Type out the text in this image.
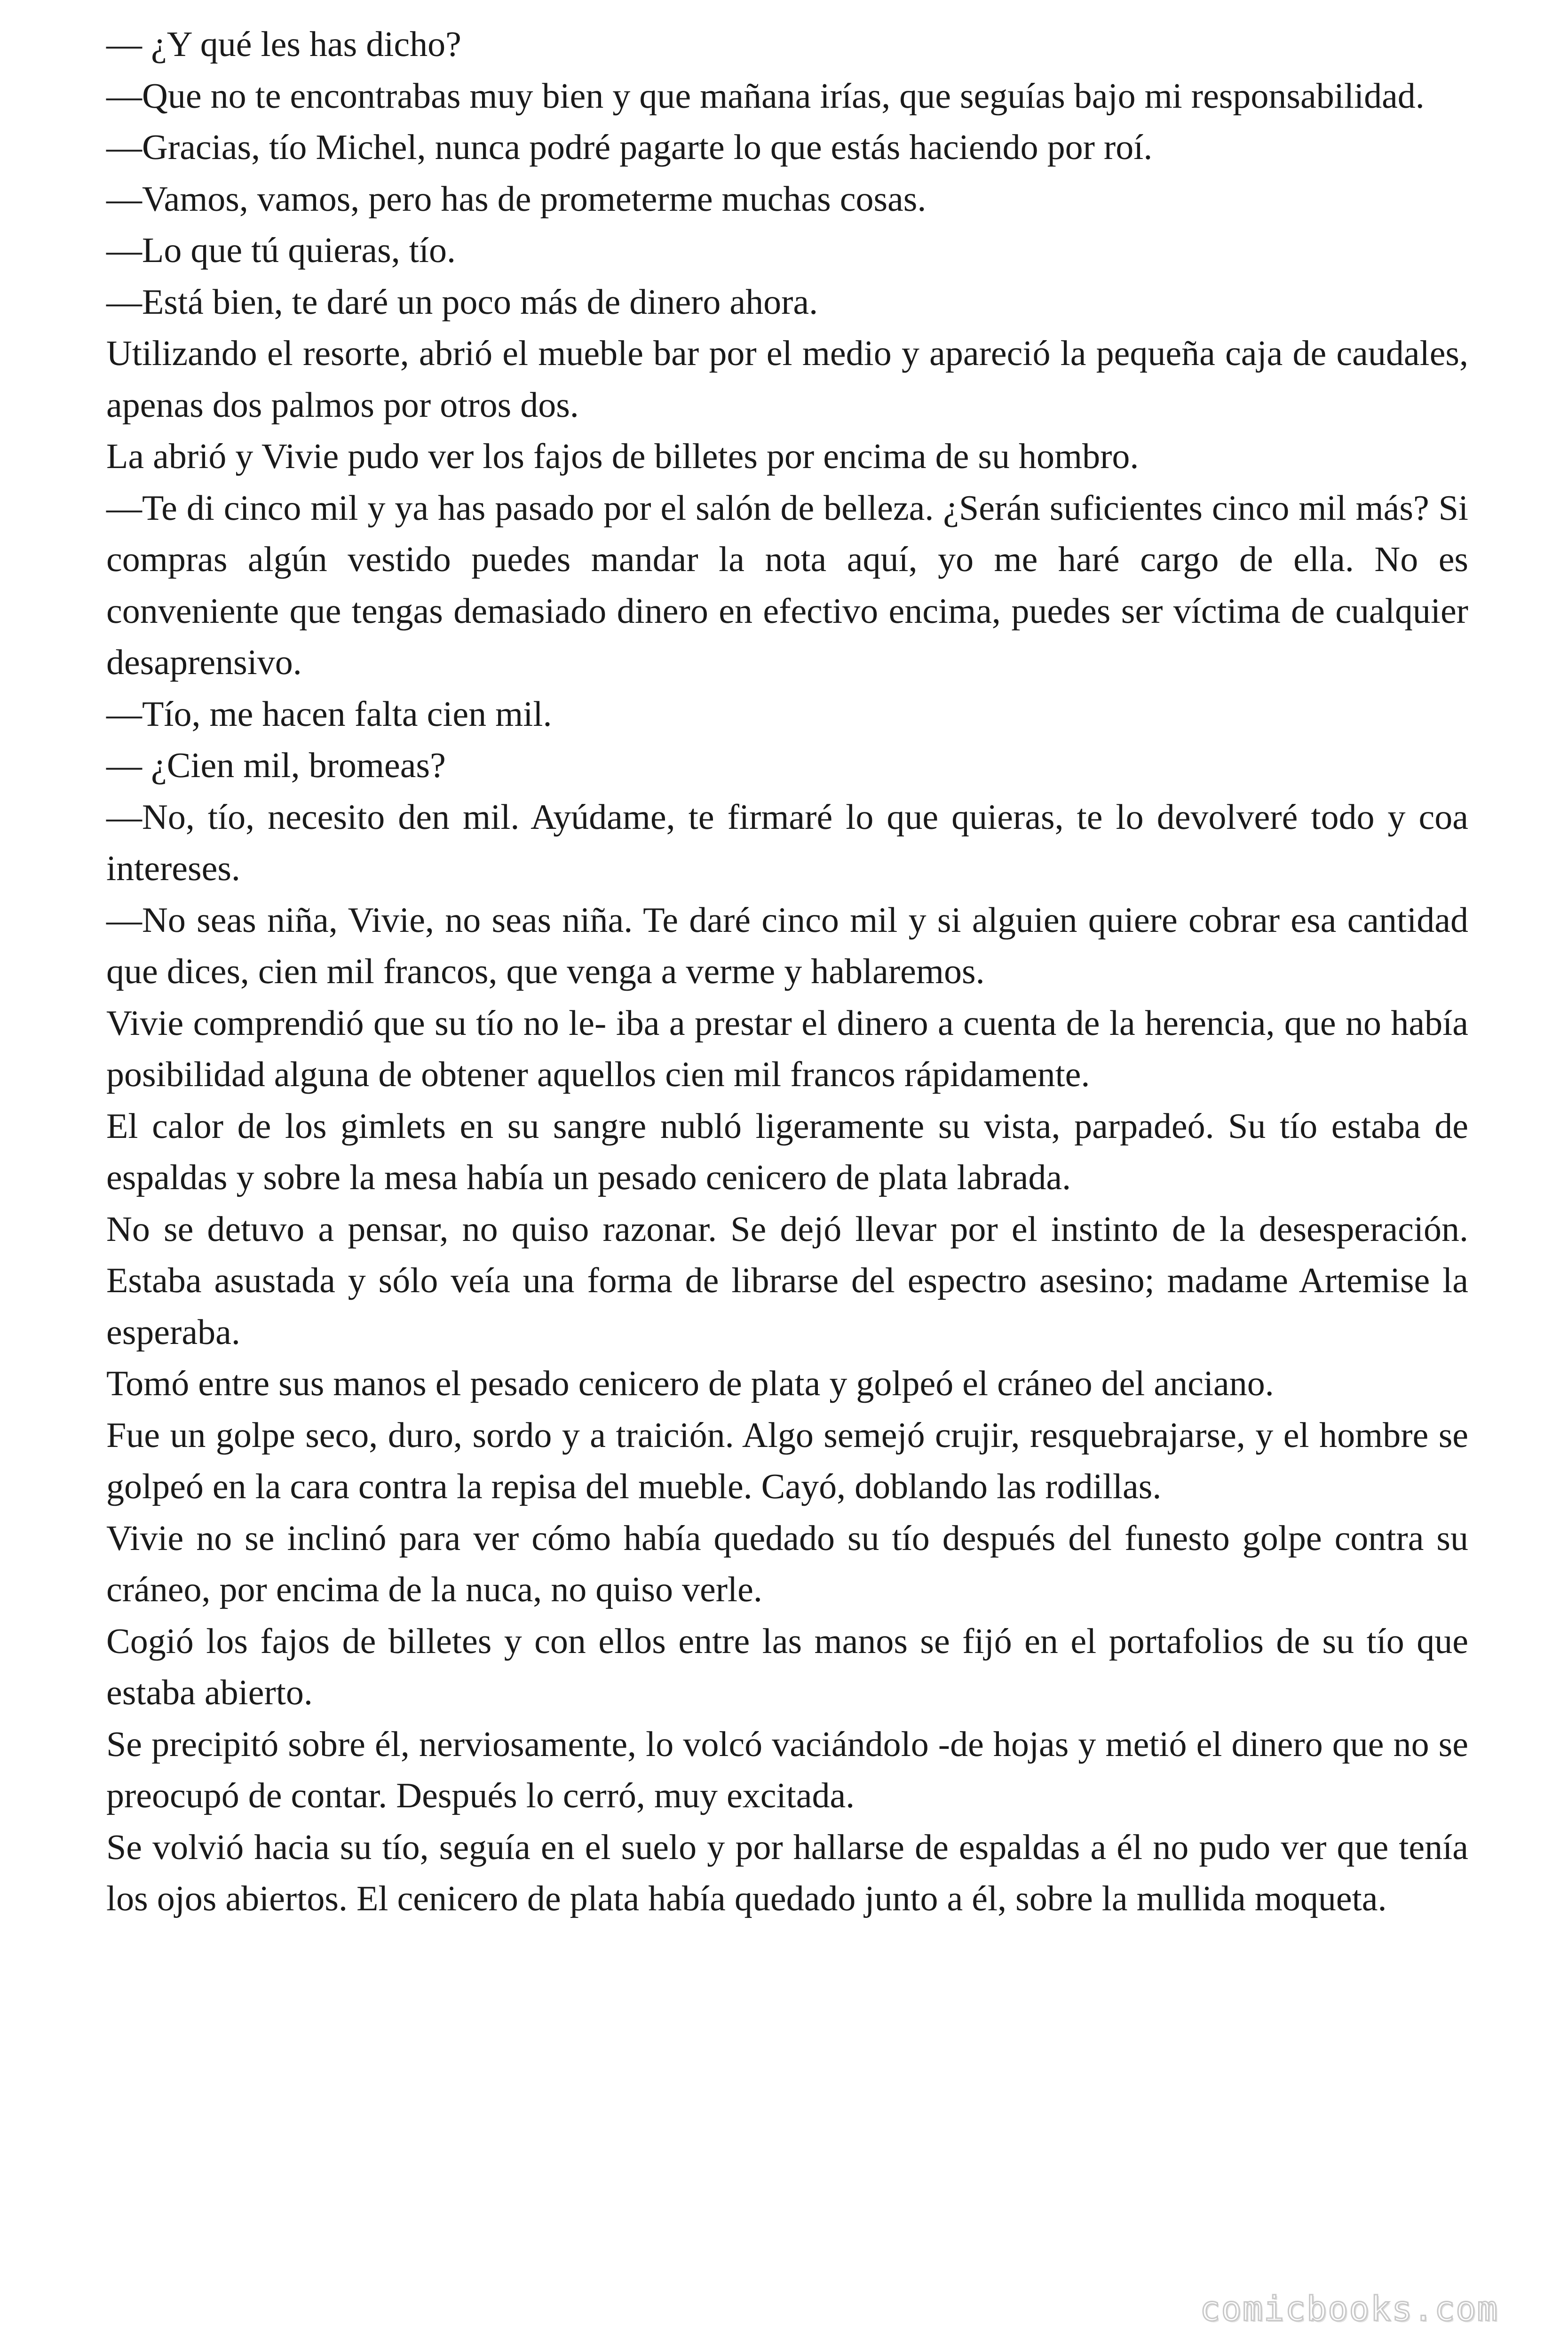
— ¿Y qué les has dicho?

—Que no te encontrabas muy bien y que mañana irías, que seguías bajo mi responsabilidad.

—Gracias, tío Michel, nunca podré pagarte lo que estás haciendo por roí.

—Vamos, vamos, pero has de prometerme muchas cosas.

—Lo que tú quieras, tío.

—Está bien, te daré un poco más de dinero ahora.

Utilizando el resorte, abrió el mueble bar por el medio y apareció la pequeña caja de caudales, apenas dos palmos por otros dos.

La abrió y Vivie pudo ver los fajos de billetes por encima de su hombro.

—Te di cinco mil y ya has pasado por el salón de belleza. ¿Serán suficientes cinco mil más? Si compras algún vestido puedes mandar la nota aquí, yo me haré cargo de ella. No es conveniente que tengas demasiado dinero en efectivo encima, puedes ser víctima de cualquier desaprensivo.

—Tío, me hacen falta cien mil.

— ¿Cien mil, bromeas?

—No, tío, necesito den mil. Ayúdame, te firmaré lo que quieras, te lo devolveré todo y coa intereses.

—No seas niña, Vivie, no seas niña. Te daré cinco mil y si alguien quiere cobrar esa cantidad que dices, cien mil francos, que venga a verme y hablaremos.

Vivie comprendió que su tío no le- iba a prestar el dinero a cuenta de la herencia, que no había posibilidad alguna de obtener aquellos cien mil francos rápidamente.

El calor de los gimlets en su sangre nubló ligeramente su vista, parpadeó. Su tío estaba de espaldas y sobre la mesa había un pesado cenicero de plata labrada.

No se detuvo a pensar, no quiso razonar. Se dejó llevar por el instinto de la desesperación. Estaba asustada y sólo veía una forma de librarse del espectro asesino; madame Artemise la esperaba.

Tomó entre sus manos el pesado cenicero de plata y golpeó el cráneo del anciano.

Fue un golpe seco, duro, sordo y a traición. Algo semejó crujir, resquebrajarse, y el hombre se golpeó en la cara contra la repisa del mueble. Cayó, doblando las rodillas.

Vivie no se inclinó para ver cómo había quedado su tío después del funesto golpe contra su cráneo, por encima de la nuca, no quiso verle.

Cogió los fajos de billetes y con ellos entre las manos se fijó en el portafolios de su tío que estaba abierto.

Se precipitó sobre él, nerviosamente, lo volcó vaciándolo -de hojas y metió el dinero que no se preocupó de contar. Después lo cerró, muy excitada.

Se volvió hacia su tío, seguía en el suelo y por hallarse de espaldas a él no pudo ver que tenía los ojos abiertos. El cenicero de plata había quedado junto a él, sobre la mullida moqueta.

comicbooks.com
